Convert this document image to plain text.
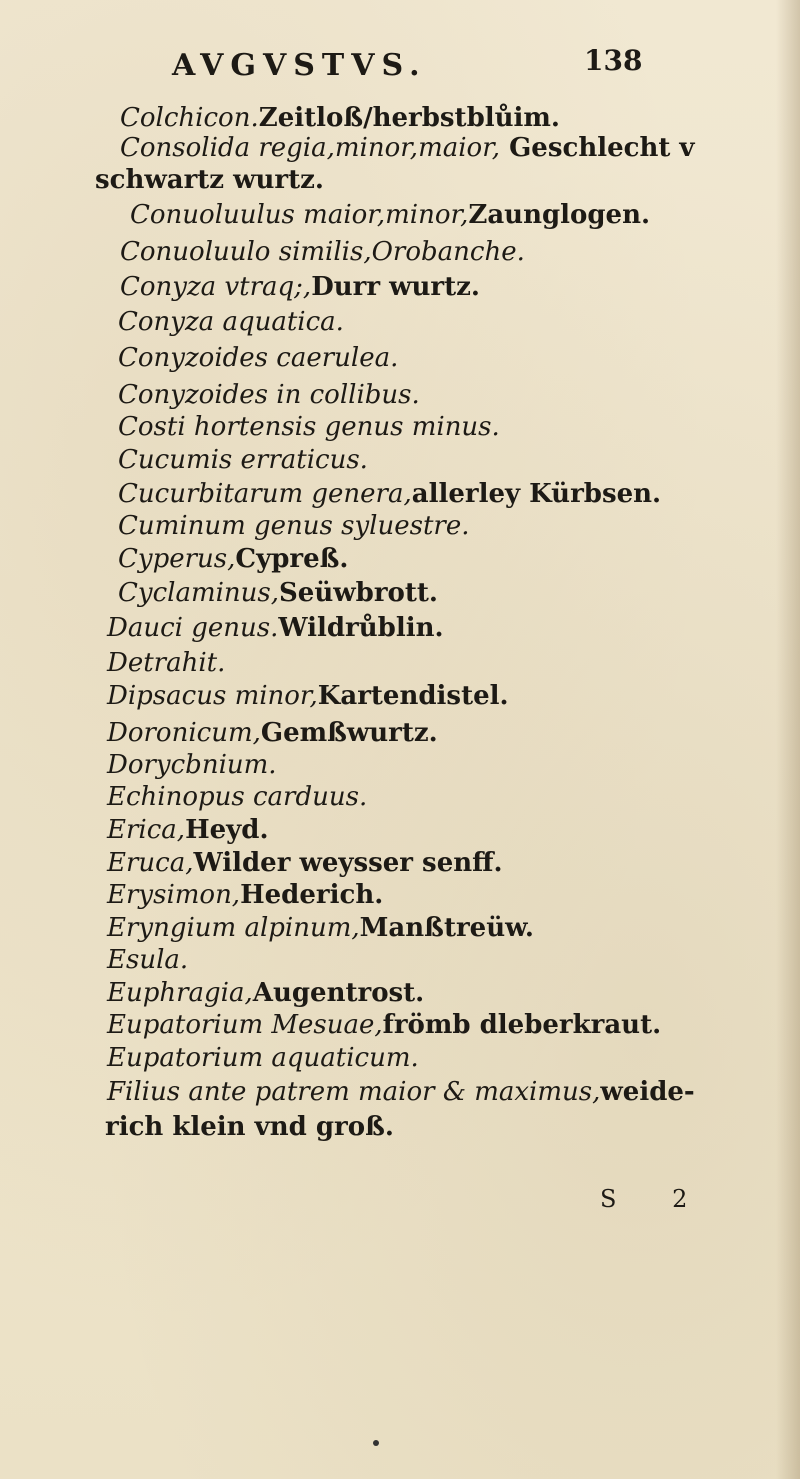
AVGVSTVS.	138
Colchicon.Zeitloß/herbstblůim.
Consolida regia,minor,maior, Geschlecht v
schwartz wurtz.
Conuoluulus maior,minor,Zaunglogen.
Conuoluulo similis,Orobanche.
Conyza vtraq;,Durr wurtz.
Conyza aquatica.
Conyzoides caerulea.
Conyzoides in collibus.
Costi hortensis genus minus.
Cucumis erraticus.
Cucurbitarum genera,allerley Kürbsen.
Cuminum genus syluestre.
Cyperus,Cypreß.
Cyclaminus,Seüwbrott.
Dauci genus.Wildrůblin.
Detrahit.
Dipsacus minor,Kartendistel.
Doronicum,Gemßwurtz.
Dorycbnium.
Echinopus carduus.
Erica,Heyd.
Eruca,Wilder weysser senff.
Erysimon,Hederich.
Eryngium alpinum,Manßtreüw.
Esula.
Euphragia,Augentrost.
Eupatorium Mesuae,frömb dleberkraut.
Eupatorium aquaticum.
Filius ante patrem maior & maximus,weide-
rich klein vnd groß.
S 2
